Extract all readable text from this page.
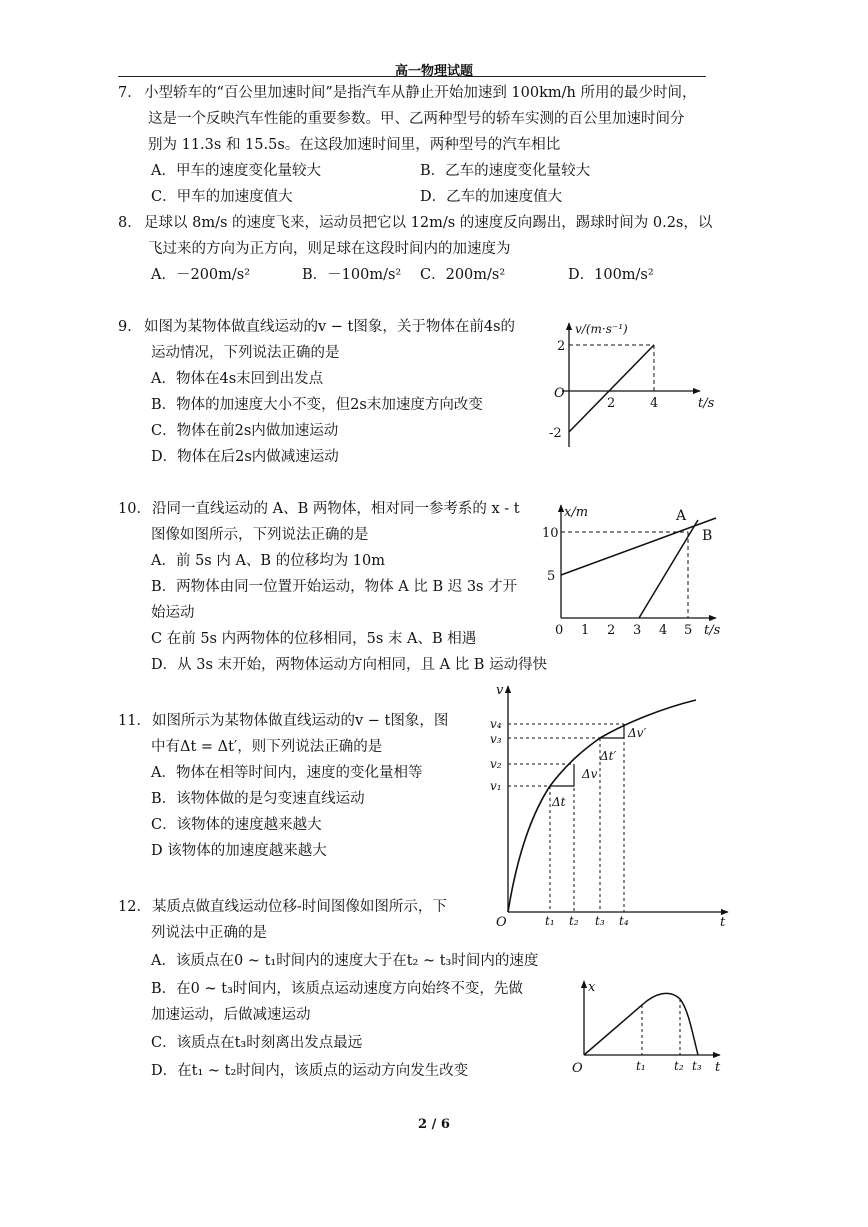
高一物理试题
7． 小型轿车的“百公里加速时间”是指汽车从静止开始加速到 100km/h 所用的最少时间，
这是一个反映汽车性能的重要参数。甲、乙两种型号的轿车实测的百公里加速时间分
别为 11.3s 和 15.5s。在这段加速时间里，两种型号的汽车相比
A．甲车的速度变化量较大	B．乙车的速度变化量较大
C．甲车的加速度值大	D．乙车的加速度值大
8． 足球以 8m/s 的速度飞来，运动员把它以 12m/s 的速度反向踢出，踢球时间为 0.2s，以
飞过来的方向为正方向，则足球在这段时间内的加速度为
A．－200m/s²	B．－100m/s² C．200m/s²	D．100m/s²
9． 如图为某物体做直线运动的v − t图象，关于物体在前4s的
运动情况，下列说法正确的是
A．物体在4s末回到出发点
B．物体的加速度大小不变，但2s末加速度方向改变
C．物体在前2s内做加速运动
D．物体在后2s内做减速运动
v/(m·s⁻¹)
t/s
O
2
-2
2	4
10． 沿同一直线运动的 A、B 两物体，相对同一参考系的 x - t
图像如图所示，下列说法正确的是
A．前 5s 内 A、B 的位移均为 10m
B．两物体由同一位置开始运动，物体 A 比 B 迟 3s 才开
始运动
C 在前 5s 内两物体的位移相同，5s 末 A、B 相遇
D．从 3s 末开始，两物体运动方向相同，且 A 比 B 运动得快
x/m
t/s
10
5
0 1 2 3 4 5
A
B
11． 如图所示为某物体做直线运动的v − t图象，图
中有Δt = Δt′，则下列说法正确的是
A．物体在相等时间内，速度的变化量相等
B．该物体做的是匀变速直线运动
C．该物体的速度越来越大
D 该物体的加速度越来越大
v
t
O
v₄
v₃
v₂
v₁
t₁ t₂ t₃ t₄
Δt
Δv
Δt′
Δv′
12． 某质点做直线运动位移-时间图像如图所示，下
列说法中正确的是
A．该质点在0 ~ t₁时间内的速度大于在t₂ ~ t₃时间内的速度
B．在0 ~ t₃时间内，该质点运动速度方向始终不变，先做
加速运动，后做减速运动
C．该质点在t₃时刻离出发点最远
D．在t₁ ~ t₂时间内，该质点的运动方向发生改变
x
t
O	t₁ t₂ t₃
2 / 6
